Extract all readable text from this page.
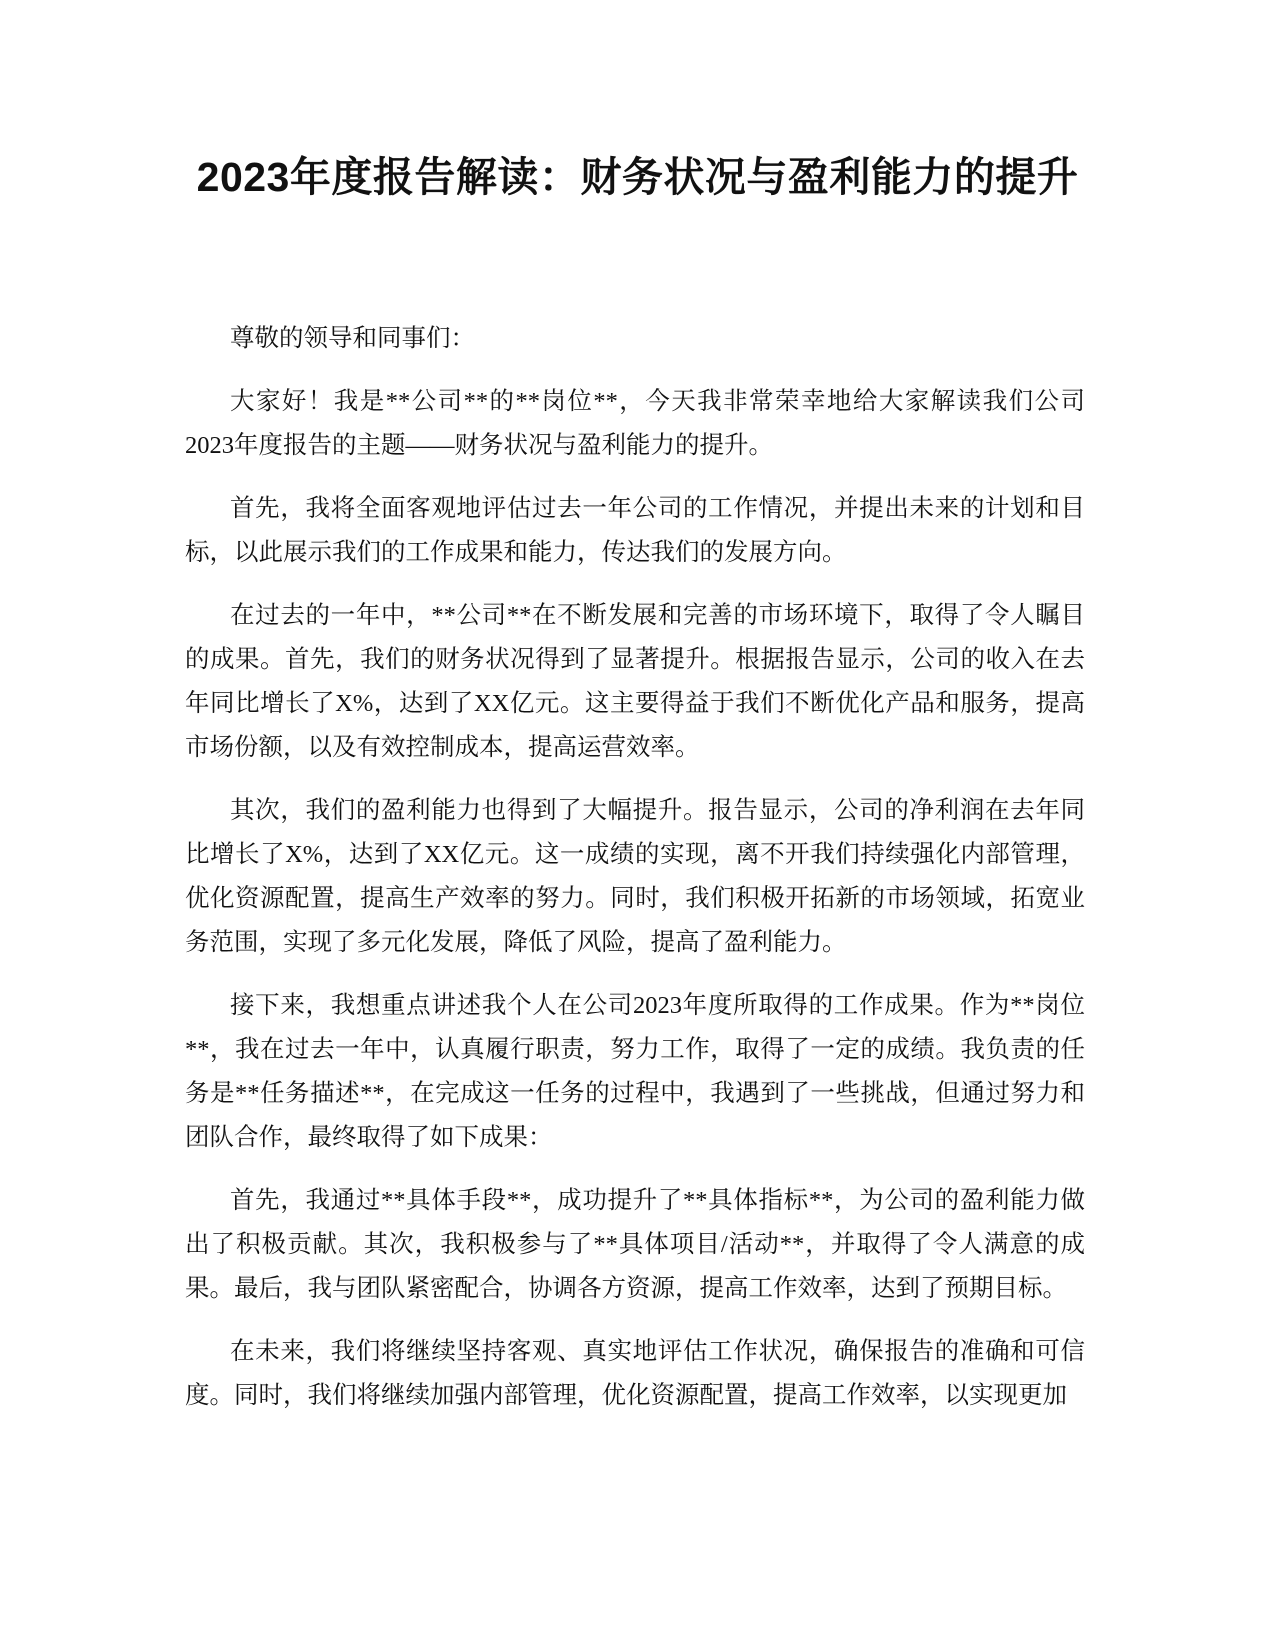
2023年度报告解读：财务状况与盈利能力的提升

尊敬的领导和同事们：

大家好！我是**公司**的**岗位**，今天我非常荣幸地给大家解读我们公司2023年度报告的主题——财务状况与盈利能力的提升。

首先，我将全面客观地评估过去一年公司的工作情况，并提出未来的计划和目标，以此展示我们的工作成果和能力，传达我们的发展方向。

在过去的一年中，**公司**在不断发展和完善的市场环境下，取得了令人瞩目的成果。首先，我们的财务状况得到了显著提升。根据报告显示，公司的收入在去年同比增长了X%，达到了XX亿元。这主要得益于我们不断优化产品和服务，提高市场份额，以及有效控制成本，提高运营效率。

其次，我们的盈利能力也得到了大幅提升。报告显示，公司的净利润在去年同比增长了X%，达到了XX亿元。这一成绩的实现，离不开我们持续强化内部管理，优化资源配置，提高生产效率的努力。同时，我们积极开拓新的市场领域，拓宽业务范围，实现了多元化发展，降低了风险，提高了盈利能力。

接下来，我想重点讲述我个人在公司2023年度所取得的工作成果。作为**岗位**，我在过去一年中，认真履行职责，努力工作，取得了一定的成绩。我负责的任务是**任务描述**，在完成这一任务的过程中，我遇到了一些挑战，但通过努力和团队合作，最终取得了如下成果：

首先，我通过**具体手段**，成功提升了**具体指标**，为公司的盈利能力做出了积极贡献。其次，我积极参与了**具体项目/活动**，并取得了令人满意的成果。最后，我与团队紧密配合，协调各方资源，提高工作效率，达到了预期目标。

在未来，我们将继续坚持客观、真实地评估工作状况，确保报告的准确和可信度。同时，我们将继续加强内部管理，优化资源配置，提高工作效率，以实现更加
